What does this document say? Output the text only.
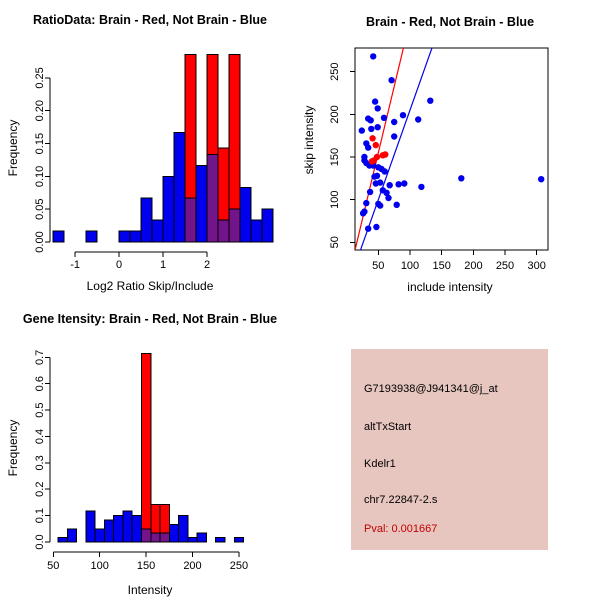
0.00
0.05
0.10
0.15
0.20
0.25
-1	0	1	2	50 100 150 200 250 300
50
100
150
200
250
0.0
0.1
0.2
0.3
0.4
0.5
0.6
0.7
50	100	150	200	250
RatioData: Brain - Red, Not Brain - Blue	Brain - Red, Not Brain - Blue
Gene Itensity: Brain - Red, Not Brain - Blue
Log2 Ratio Skip/Include	include intensity
Intensity
Frequency	skip intensity
Frequency
G7193938@J941341@j_at
altTxStart
Kdelr1
chr7.22847-2.s
Pval: 0.001667
